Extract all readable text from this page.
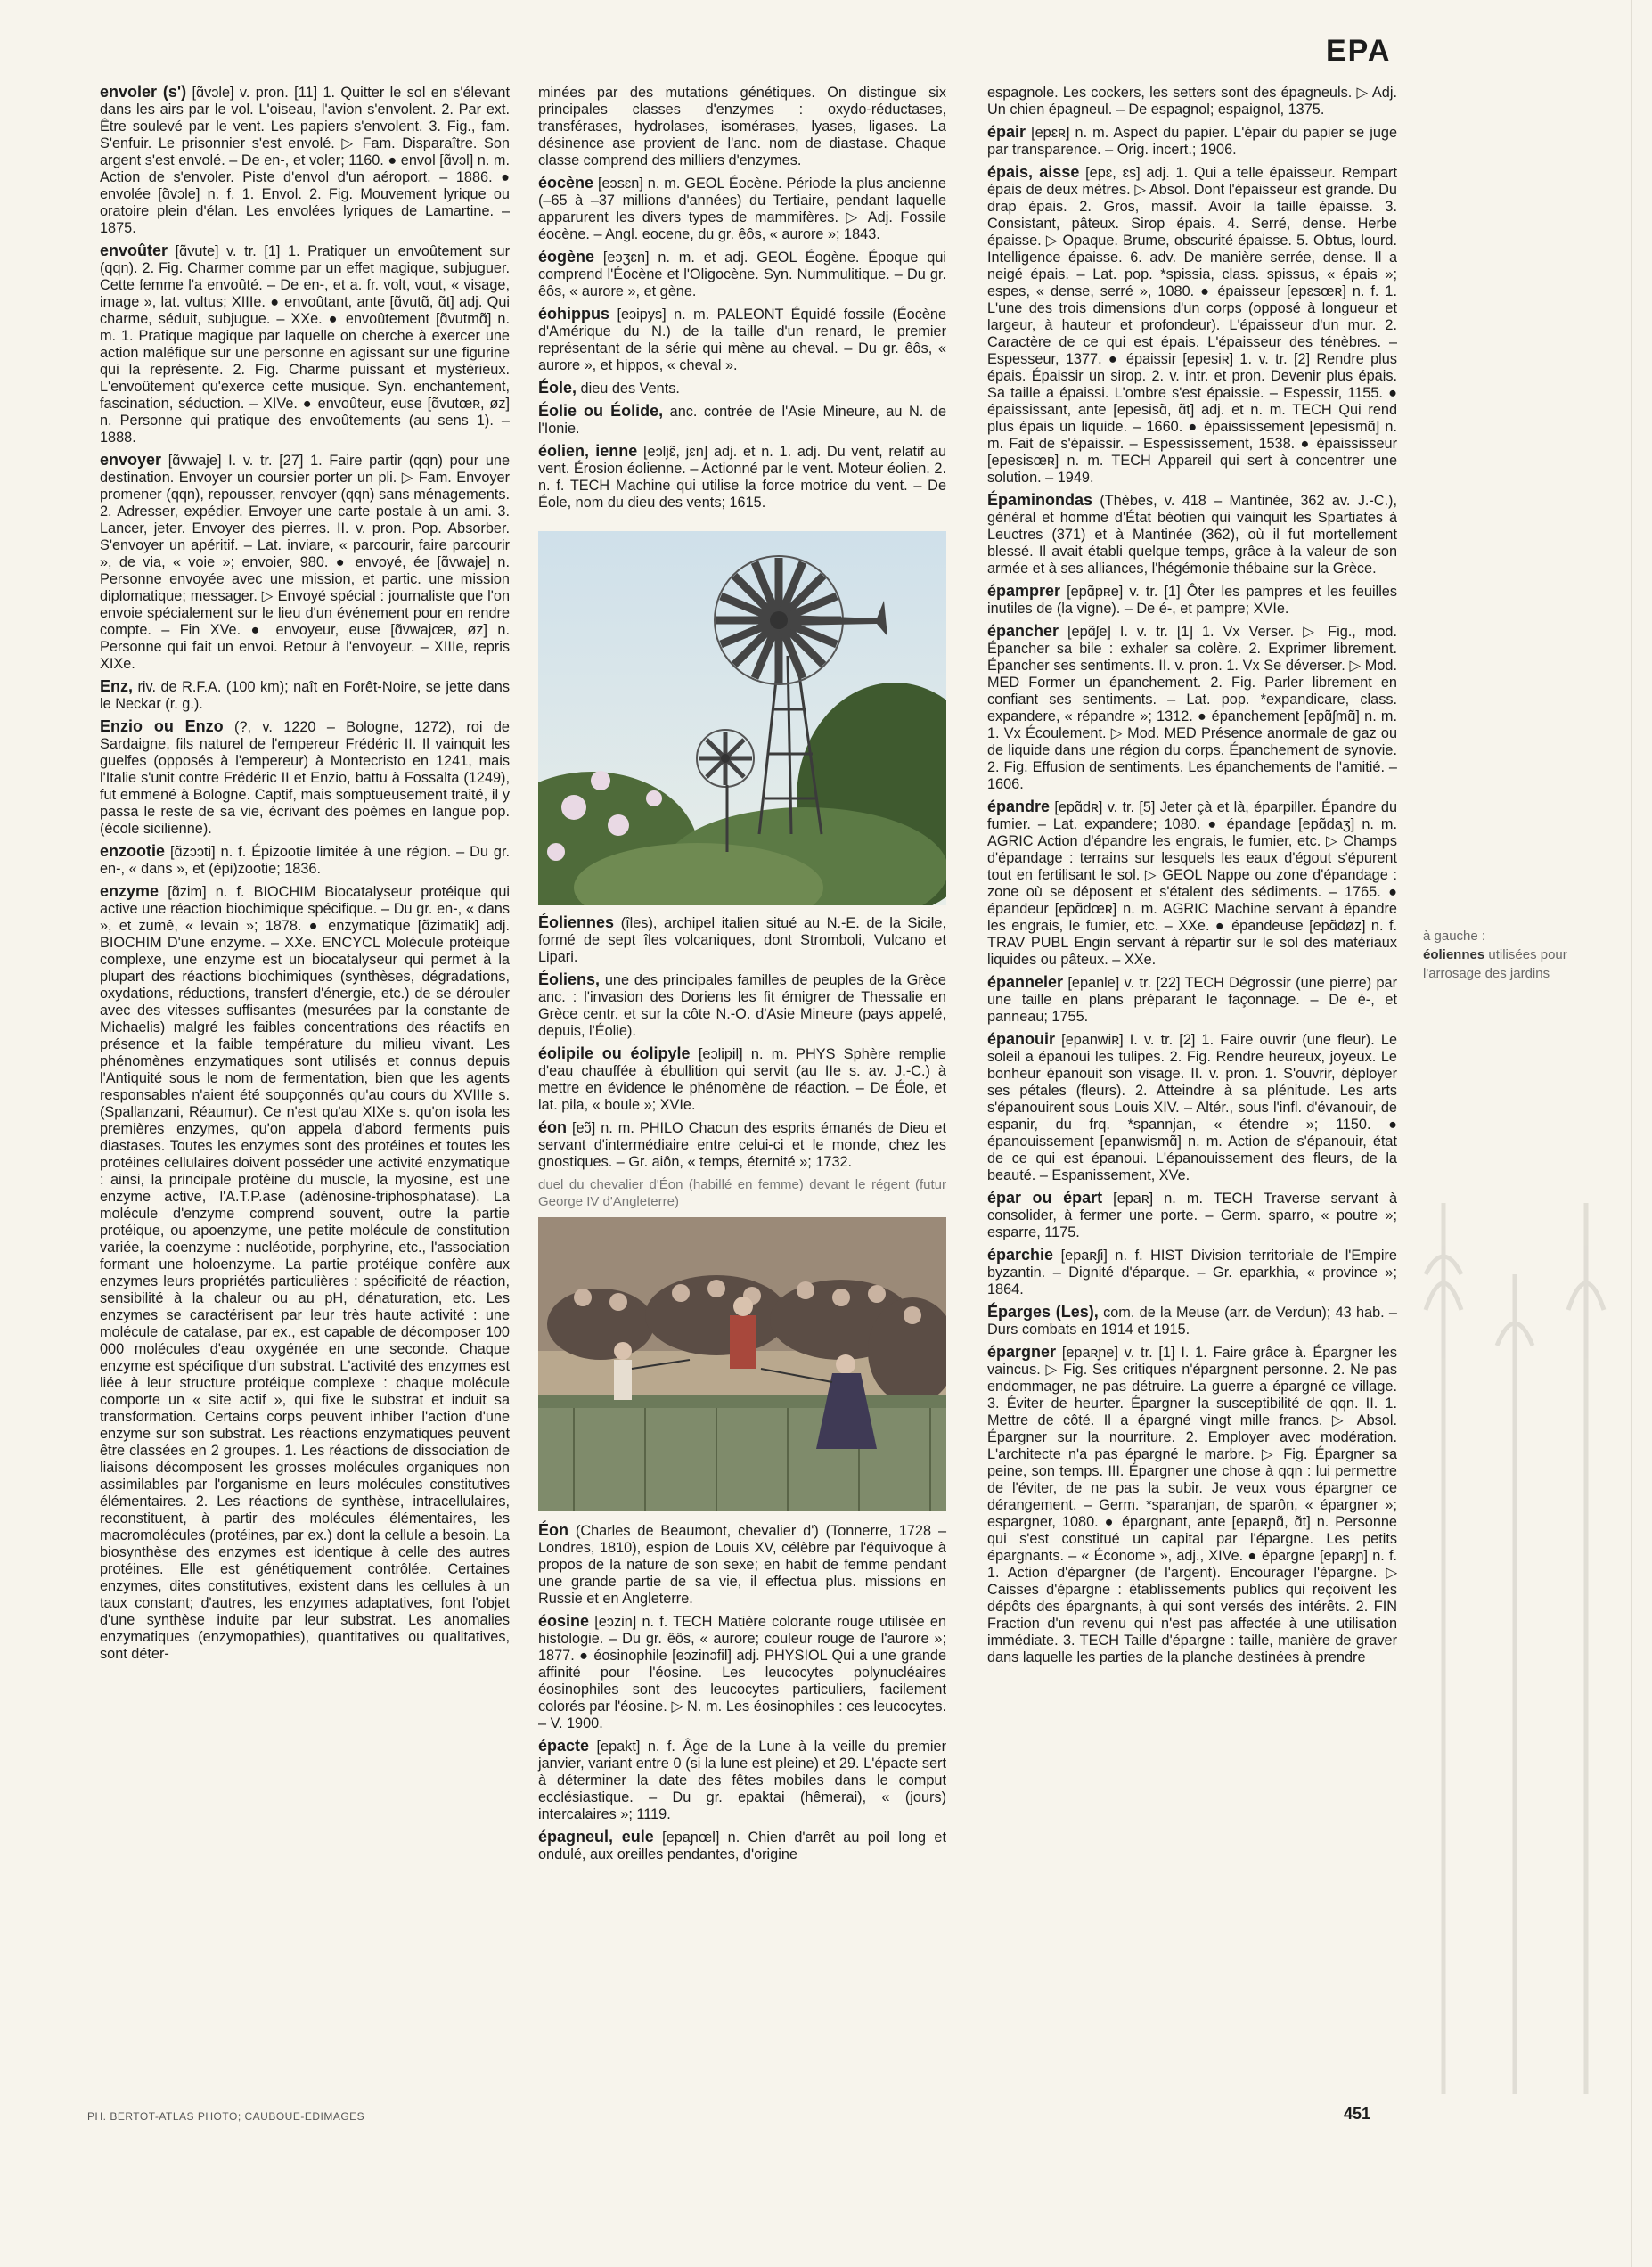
EPA

envoler (s') [ɑ̃vɔle] v. pron. [11] 1. Quitter le sol en s'élevant dans les airs par le vol. L'oiseau, l'avion s'envolent. 2. Par ext. Être soulevé par le vent. Les papiers s'envolent. 3. Fig., fam. S'enfuir. Le prisonnier s'est envolé. ▷ Fam. Disparaître. Son argent s'est envolé. – De en-, et voler; 1160. ● envol [ɑ̃vɔl] n. m. Action de s'envoler. Piste d'envol d'un aéroport. – 1886. ● envolée [ɑ̃vɔle] n. f. 1. Envol. 2. Fig. Mouvement lyrique ou oratoire plein d'élan. Les envolées lyriques de Lamartine. – 1875.

envoûter [ɑ̃vute] v. tr. [1] 1. Pratiquer un envoûtement sur (qqn). 2. Fig. Charmer comme par un effet magique, subjuguer. Cette femme l'a envoûté. – De en-, et a. fr. volt, vout, « visage, image », lat. vultus; XIIIe. ● envoûtant, ante [ɑ̃vutɑ̃, ɑ̃t] adj. Qui charme, séduit, subjugue. – XXe. ● envoûtement [ɑ̃vutmɑ̃] n. m. 1. Pratique magique par laquelle on cherche à exercer une action maléfique sur une personne en agissant sur une figurine qui la représente. 2. Fig. Charme puissant et mystérieux. L'envoûtement qu'exerce cette musique. Syn. enchantement, fascination, séduction. – XIVe. ● envoûteur, euse [ɑ̃vutœʀ, øz] n. Personne qui pratique des envoûtements (au sens 1). – 1888.

envoyer [ɑ̃vwaje] I. v. tr. [27] 1. Faire partir (qqn) pour une destination. Envoyer un coursier porter un pli. ▷ Fam. Envoyer promener (qqn), repousser, renvoyer (qqn) sans ménagements. 2. Adresser, expédier. Envoyer une carte postale à un ami. 3. Lancer, jeter. Envoyer des pierres. II. v. pron. Pop. Absorber. S'envoyer un apéritif. – Lat. inviare, « parcourir, faire parcourir », de via, « voie »; envoier, 980. ● envoyé, ée [ɑ̃vwaje] n. Personne envoyée avec une mission, et partic. une mission diplomatique; messager. ▷ Envoyé spécial : journaliste que l'on envoie spécialement sur le lieu d'un événement pour en rendre compte. – Fin XVe. ● envoyeur, euse [ɑ̃vwajœʀ, øz] n. Personne qui fait un envoi. Retour à l'envoyeur. – XIIIe, repris XIXe.

Enz, riv. de R.F.A. (100 km); naît en Forêt-Noire, se jette dans le Neckar (r. g.).

Enzio ou Enzo (?, v. 1220 – Bologne, 1272), roi de Sardaigne, fils naturel de l'empereur Frédéric II. Il vainquit les guelfes (opposés à l'empereur) à Montecristo en 1241, mais l'Italie s'unit contre Frédéric II et Enzio, battu à Fossalta (1249), fut emmené à Bologne. Captif, mais somptueusement traité, il y passa le reste de sa vie, écrivant des poèmes en langue pop. (école sicilienne).

enzootie [ɑ̃zɔɔti] n. f. Épizootie limitée à une région. – Du gr. en-, « dans », et (épi)zootie; 1836.

enzyme [ɑ̃zim] n. f. BIOCHIM Biocatalyseur protéique qui active une réaction biochimique spécifique. – Du gr. en-, « dans », et zumê, « levain »; 1878. ● enzymatique [ɑ̃zimatik] adj. BIOCHIM D'une enzyme. – XXe. ENCYCL Molécule protéique complexe, une enzyme est un biocatalyseur qui permet à la plupart des réactions biochimiques (synthèses, dégradations, oxydations, réductions, transfert d'énergie, etc.) de se dérouler avec des vitesses suffisantes (mesurées par la constante de Michaelis) malgré les faibles concentrations des réactifs en présence et la faible température du milieu vivant. Les phénomènes enzymatiques sont utilisés et connus depuis l'Antiquité sous le nom de fermentation, bien que les agents responsables n'aient été soupçonnés qu'au cours du XVIIIe s. (Spallanzani, Réaumur). Ce n'est qu'au XIXe s. qu'on isola les premières enzymes, qu'on appela d'abord ferments puis diastases. Toutes les enzymes sont des protéines et toutes les protéines cellulaires doivent posséder une activité enzymatique : ainsi, la principale protéine du muscle, la myosine, est une enzyme active, l'A.T.P.ase (adénosine-triphosphatase). La molécule d'enzyme comprend souvent, outre la partie protéique, ou apoenzyme, une petite molécule de constitution variée, la coenzyme : nucléotide, porphyrine, etc., l'association formant une holoenzyme. La partie protéique confère aux enzymes leurs propriétés particulières : spécificité de réaction, sensibilité à la chaleur ou au pH, dénaturation, etc. Les enzymes se caractérisent par leur très haute activité : une molécule de catalase, par ex., est capable de décomposer 100 000 molécules d'eau oxygénée en une seconde. Chaque enzyme est spécifique d'un substrat. L'activité des enzymes est liée à leur structure protéique complexe : chaque molécule comporte un « site actif », qui fixe le substrat et induit sa transformation. Certains corps peuvent inhiber l'action d'une enzyme sur son substrat. Les réactions enzymatiques peuvent être classées en 2 groupes. 1. Les réactions de dissociation de liaisons décomposent les grosses molécules organiques non assimilables par l'organisme en leurs molécules constitutives élémentaires. 2. Les réactions de synthèse, intracellulaires, reconstituent, à partir des molécules élémentaires, les macromolécules (protéines, par ex.) dont la cellule a besoin. La biosynthèse des enzymes est identique à celle des autres protéines. Elle est génétiquement contrôlée. Certaines enzymes, dites constitutives, existent dans les cellules à un taux constant; d'autres, les enzymes adaptatives, font l'objet d'une synthèse induite par leur substrat. Les anomalies enzymatiques (enzymopathies), quantitatives ou qualitatives, sont déter-

minées par des mutations génétiques. On distingue six principales classes d'enzymes : oxydo-réductases, transférases, hydrolases, isomérases, lyases, ligases. La désinence ase provient de l'anc. nom de diastase. Chaque classe comprend des milliers d'enzymes.

éocène [eɔsɛn] n. m. GEOL Éocène. Période la plus ancienne (–65 à –37 millions d'années) du Tertiaire, pendant laquelle apparurent les divers types de mammifères. ▷ Adj. Fossile éocène. – Angl. eocene, du gr. êôs, « aurore »; 1843.

éogène [eɔʒɛn] n. m. et adj. GEOL Éogène. Époque qui comprend l'Éocène et l'Oligocène. Syn. Nummulitique. – Du gr. êôs, « aurore », et gène.

éohippus [eɔipys] n. m. PALEONT Équidé fossile (Éocène d'Amérique du N.) de la taille d'un renard, le premier représentant de la série qui mène au cheval. – Du gr. êôs, « aurore », et hippos, « cheval ».

Éole, dieu des Vents.

Éolie ou Éolide, anc. contrée de l'Asie Mineure, au N. de l'Ionie.

éolien, ienne [eɔljɛ̃, jɛn] adj. et n. 1. adj. Du vent, relatif au vent. Érosion éolienne. – Actionné par le vent. Moteur éolien. 2. n. f. TECH Machine qui utilise la force motrice du vent. – De Éole, nom du dieu des vents; 1615.

Éoliennes (îles), archipel italien situé au N.-E. de la Sicile, formé de sept îles volcaniques, dont Stromboli, Vulcano et Lipari.

Éoliens, une des principales familles de peuples de la Grèce anc. : l'invasion des Doriens les fit émigrer de Thessalie en Grèce centr. et sur la côte N.-O. d'Asie Mineure (pays appelé, depuis, l'Éolie).

éolipile ou éolipyle [eɔlipil] n. m. PHYS Sphère remplie d'eau chauffée à ébullition qui servit (au IIe s. av. J.-C.) à mettre en évidence le phénomène de réaction. – De Éole, et lat. pila, « boule »; XVIe.

éon [eɔ̃] n. m. PHILO Chacun des esprits émanés de Dieu et servant d'intermédiaire entre celui-ci et le monde, chez les gnostiques. – Gr. aiôn, « temps, éternité »; 1732.

duel du chevalier d'Éon (habillé en femme) devant le régent (futur George IV d'Angleterre)

Éon (Charles de Beaumont, chevalier d') (Tonnerre, 1728 – Londres, 1810), espion de Louis XV, célèbre par l'équivoque à propos de la nature de son sexe; en habit de femme pendant une grande partie de sa vie, il effectua plus. missions en Russie et en Angleterre.

éosine [eɔzin] n. f. TECH Matière colorante rouge utilisée en histologie. – Du gr. êôs, « aurore; couleur rouge de l'aurore »; 1877. ● éosinophile [eɔzinɔfil] adj. PHYSIOL Qui a une grande affinité pour l'éosine. Les leucocytes polynucléaires éosinophiles sont des leucocytes particuliers, facilement colorés par l'éosine. ▷ N. m. Les éosinophiles : ces leucocytes. – V. 1900.

épacte [epakt] n. f. Âge de la Lune à la veille du premier janvier, variant entre 0 (si la lune est pleine) et 29. L'épacte sert à déterminer la date des fêtes mobiles dans le comput ecclésiastique. – Du gr. epaktai (hêmerai), « (jours) intercalaires »; 1119.

épagneul, eule [epaɲœl] n. Chien d'arrêt au poil long et ondulé, aux oreilles pendantes, d'origine

espagnole. Les cockers, les setters sont des épagneuls. ▷ Adj. Un chien épagneul. – De espagnol; espaignol, 1375.

épair [epɛʀ] n. m. Aspect du papier. L'épair du papier se juge par transparence. – Orig. incert.; 1906.

épais, aisse [epɛ, ɛs] adj. 1. Qui a telle épaisseur. Rempart épais de deux mètres. ▷ Absol. Dont l'épaisseur est grande. Du drap épais. 2. Gros, massif. Avoir la taille épaisse. 3. Consistant, pâteux. Sirop épais. 4. Serré, dense. Herbe épaisse. ▷ Opaque. Brume, obscurité épaisse. 5. Obtus, lourd. Intelligence épaisse. 6. adv. De manière serrée, dense. Il a neigé épais. – Lat. pop. *spissia, class. spissus, « épais »; espes, « dense, serré », 1080. ● épaisseur [epɛsœʀ] n. f. 1. L'une des trois dimensions d'un corps (opposé à longueur et largeur, à hauteur et profondeur). L'épaisseur d'un mur. 2. Caractère de ce qui est épais. L'épaisseur des ténèbres. – Espesseur, 1377. ● épaissir [epesiʀ] 1. v. tr. [2] Rendre plus épais. Épaissir un sirop. 2. v. intr. et pron. Devenir plus épais. Sa taille a épaissi. L'ombre s'est épaissie. – Espessir, 1155. ● épaississant, ante [epesisɑ̃, ɑ̃t] adj. et n. m. TECH Qui rend plus épais un liquide. – 1660. ● épaississement [epesismɑ̃] n. m. Fait de s'épaissir. – Espessissement, 1538. ● épaississeur [epesisœʀ] n. m. TECH Appareil qui sert à concentrer une solution. – 1949.

Épaminondas (Thèbes, v. 418 – Mantinée, 362 av. J.-C.), général et homme d'État béotien qui vainquit les Spartiates à Leuctres (371) et à Mantinée (362), où il fut mortellement blessé. Il avait établi quelque temps, grâce à la valeur de son armée et à ses alliances, l'hégémonie thébaine sur la Grèce.

épamprer [epɑ̃pʀe] v. tr. [1] Ôter les pampres et les feuilles inutiles de (la vigne). – De é-, et pampre; XVIe.

épancher [epɑ̃ʃe] I. v. tr. [1] 1. Vx Verser. ▷ Fig., mod. Épancher sa bile : exhaler sa colère. 2. Exprimer librement. Épancher ses sentiments. II. v. pron. 1. Vx Se déverser. ▷ Mod. MED Former un épanchement. 2. Fig. Parler librement en confiant ses sentiments. – Lat. pop. *expandicare, class. expandere, « répandre »; 1312. ● épanchement [epɑ̃ʃmɑ̃] n. m. 1. Vx Écoulement. ▷ Mod. MED Présence anormale de gaz ou de liquide dans une région du corps. Épanchement de synovie. 2. Fig. Effusion de sentiments. Les épanchements de l'amitié. – 1606.

épandre [epɑ̃dʀ] v. tr. [5] Jeter çà et là, éparpiller. Épandre du fumier. – Lat. expandere; 1080. ● épandage [epɑ̃daʒ] n. m. AGRIC Action d'épandre les engrais, le fumier, etc. ▷ Champs d'épandage : terrains sur lesquels les eaux d'égout s'épurent tout en fertilisant le sol. ▷ GEOL Nappe ou zone d'épandage : zone où se déposent et s'étalent des sédiments. – 1765. ● épandeur [epɑ̃dœʀ] n. m. AGRIC Machine servant à épandre les engrais, le fumier, etc. – XXe. ● épandeuse [epɑ̃døz] n. f. TRAV PUBL Engin servant à répartir sur le sol des matériaux liquides ou pâteux. – XXe.

épanneler [epanle] v. tr. [22] TECH Dégrossir (une pierre) par une taille en plans préparant le façonnage. – De é-, et panneau; 1755.

épanouir [epanwiʀ] I. v. tr. [2] 1. Faire ouvrir (une fleur). Le soleil a épanoui les tulipes. 2. Fig. Rendre heureux, joyeux. Le bonheur épanouit son visage. II. v. pron. 1. S'ouvrir, déployer ses pétales (fleurs). 2. Atteindre à sa plénitude. Les arts s'épanouirent sous Louis XIV. – Altér., sous l'infl. d'évanouir, de espanir, du frq. *spannjan, « étendre »; 1150. ● épanouissement [epanwismɑ̃] n. m. Action de s'épanouir, état de ce qui est épanoui. L'épanouissement des fleurs, de la beauté. – Espanissement, XVe.

épar ou épart [epaʀ] n. m. TECH Traverse servant à consolider, à fermer une porte. – Germ. sparro, « poutre »; esparre, 1175.

éparchie [epaʀʃi] n. f. HIST Division territoriale de l'Empire byzantin. – Dignité d'éparque. – Gr. eparkhia, « province »; 1864.

Éparges (Les), com. de la Meuse (arr. de Verdun); 43 hab. – Durs combats en 1914 et 1915.

épargner [epaʀɲe] v. tr. [1] I. 1. Faire grâce à. Épargner les vaincus. ▷ Fig. Ses critiques n'épargnent personne. 2. Ne pas endommager, ne pas détruire. La guerre a épargné ce village. 3. Éviter de heurter. Épargner la susceptibilité de qqn. II. 1. Mettre de côté. Il a épargné vingt mille francs. ▷ Absol. Épargner sur la nourriture. 2. Employer avec modération. L'architecte n'a pas épargné le marbre. ▷ Fig. Épargner sa peine, son temps. III. Épargner une chose à qqn : lui permettre de l'éviter, de ne pas la subir. Je veux vous épargner ce dérangement. – Germ. *sparanjan, de sparôn, « épargner »; espargner, 1080. ● épargnant, ante [epaʀɲɑ̃, ɑ̃t] n. Personne qui s'est constitué un capital par l'épargne. Les petits épargnants. – « Économe », adj., XIVe. ● épargne [epaʀɲ] n. f. 1. Action d'épargner (de l'argent). Encourager l'épargne. ▷ Caisses d'épargne : établissements publics qui reçoivent les dépôts des épargnants, à qui sont versés des intérêts. 2. FIN Fraction d'un revenu qui n'est pas affectée à une utilisation immédiate. 3. TECH Taille d'épargne : taille, manière de graver dans laquelle les parties de la planche destinées à prendre

à gauche :
éoliennes utilisées pour l'arrosage des jardins
PH. BERTOT-ATLAS PHOTO; CAUBOUE-EDIMAGES	451
